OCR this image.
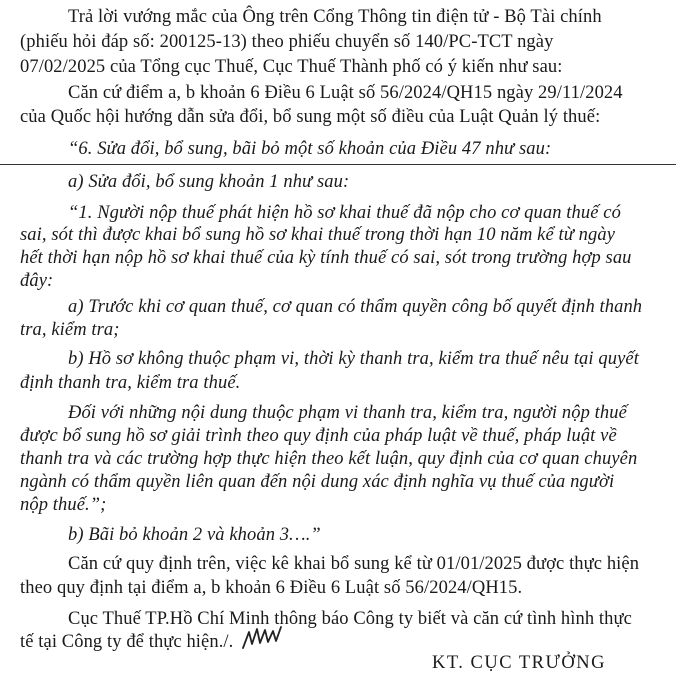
Trả lời vướng mắc của Ông trên Cổng Thông tin điện tử - Bộ Tài chính
(phiếu hỏi đáp số: 200125-13) theo phiếu chuyển số 140/PC-TCT ngày
07/02/2025 của Tổng cục Thuế, Cục Thuế Thành phố có ý kiến như sau:
Căn cứ điểm a, b khoản 6 Điều 6 Luật số 56/2024/QH15 ngày 29/11/2024
của Quốc hội hướng dẫn sửa đổi, bổ sung một số điều của Luật Quản lý thuế:
“6. Sửa đổi, bổ sung, bãi bỏ một số khoản của Điều 47 như sau:
a) Sửa đổi, bổ sung khoản 1 như sau:
“1. Người nộp thuế phát hiện hồ sơ khai thuế đã nộp cho cơ quan thuế có
sai, sót thì được khai bổ sung hồ sơ khai thuế trong thời hạn 10 năm kể từ ngày
hết thời hạn nộp hồ sơ khai thuế của kỳ tính thuế có sai, sót trong trường hợp sau
đây:
a) Trước khi cơ quan thuế, cơ quan có thẩm quyền công bố quyết định thanh
tra, kiểm tra;
b) Hồ sơ không thuộc phạm vi, thời kỳ thanh tra, kiểm tra thuế nêu tại quyết
định thanh tra, kiểm tra thuế.
Đối với những nội dung thuộc phạm vi thanh tra, kiểm tra, người nộp thuế
được bổ sung hồ sơ giải trình theo quy định của pháp luật về thuế, pháp luật về
thanh tra và các trường hợp thực hiện theo kết luận, quy định của cơ quan chuyên
ngành có thẩm quyền liên quan đến nội dung xác định nghĩa vụ thuế của người
nộp thuế.”;
b) Bãi bỏ khoản 2 và khoản 3….”
Căn cứ quy định trên, việc kê khai bổ sung kể từ 01/01/2025 được thực hiện
theo quy định tại điểm a, b khoản 6 Điều 6 Luật số 56/2024/QH15.
Cục Thuế TP.Hồ Chí Minh thông báo Công ty biết và căn cứ tình hình thực
tế tại Công ty để thực hiện./.
KT. CỤC TRƯỞNG
